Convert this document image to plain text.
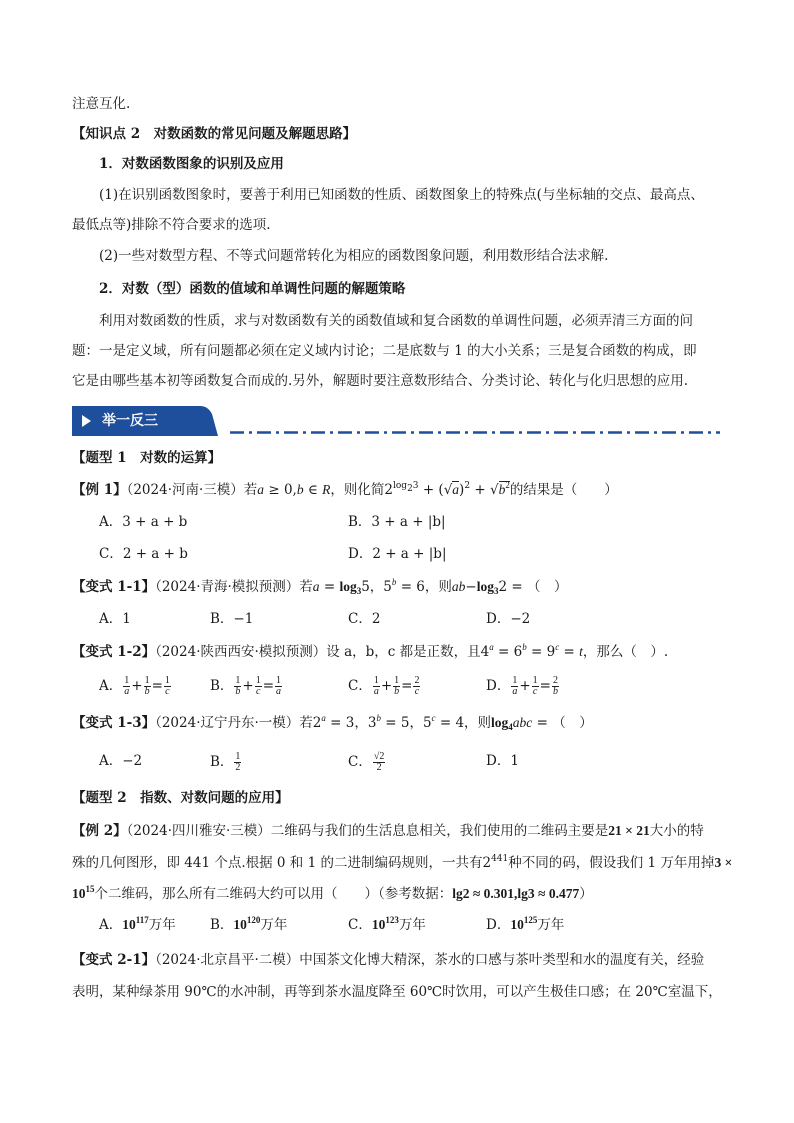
注意互化.
【知识点 2　对数函数的常见问题及解题思路】
1．对数函数图象的识别及应用
(1)在识别函数图象时，要善于利用已知函数的性质、函数图象上的特殊点(与坐标轴的交点、最高点、
最低点等)排除不符合要求的选项.
(2)一些对数型方程、不等式问题常转化为相应的函数图象问题，利用数形结合法求解.
2．对数（型）函数的值域和单调性问题的解题策略
利用对数函数的性质，求与对数函数有关的函数值域和复合函数的单调性问题，必须弄清三方面的问
题：一是定义域，所有问题都必须在定义域内讨论；二是底数与 1 的大小关系；三是复合函数的构成，即
它是由哪些基本初等函数复合而成的.另外，解题时要注意数形结合、分类讨论、转化与化归思想的应用.
举一反三
【题型 1　对数的运算】
【例 1】（2024·河南·三模）若a ≥ 0,b ∈ R，则化简$2^{log_23} + (√a)^2 + √b^2$的结果是（　　）
A．3 + a + b	B．3 + a + |b|
C．2 + a + b	D．2 + a + |b|
【变式 1-1】（2024·青海·模拟预测）若$a = \log_35$，$5^b = 6$，则$ab-\log_32$ = （　）
A．1	B．−1	C．2	D．−2
【变式 1-2】（2024·陕西西安·模拟预测）设 a，b，c 都是正数，且$4^a = 6^b = 9^c = t$，那么（　）.
A． $\frac{1}{a} + \frac{1}{b} = \frac{1}{c}$	B． $\frac{1}{b} + \frac{1}{c} = \frac{1}{a}$	C． $\frac{1}{a} + \frac{1}{b} = \frac{2}{c}$	D． $\frac{1}{a} + \frac{1}{c} = \frac{2}{b}$
【变式 1-3】（2024·辽宁丹东·一模）若$2^a = 3$，$3^b = 5$，$5^c = 4$，则$\log_4abc$ = （　）
A．−2	B． $\frac{1}{2}$	C． $\frac{√2}{2}$	D．1
【题型 2　指数、对数问题的应用】
【例 2】（2024·四川雅安·三模）二维码与我们的生活息息相关，我们使用的二维码主要是21 × 21大小的特
殊的几何图形，即 441 个点.根据 0 和 1 的二进制编码规则，一共有$2^{441}$种不同的码，假设我们 1 万年用掉3 ×
$10^{15}$个二维码，那么所有二维码大约可以用（　　）（参考数据：lg2 ≈ 0.301,lg3 ≈ 0.477）
A．$10^{117}$万年	B．$10^{120}$万年	C．$10^{123}$万年	D．$10^{125}$万年
【变式 2-1】（2024·北京昌平·二模）中国茶文化博大精深，茶水的口感与茶叶类型和水的温度有关，经验
表明，某种绿茶用 90℃的水冲制，再等到茶水温度降至 60℃时饮用，可以产生极佳口感；在 20℃室温下，
